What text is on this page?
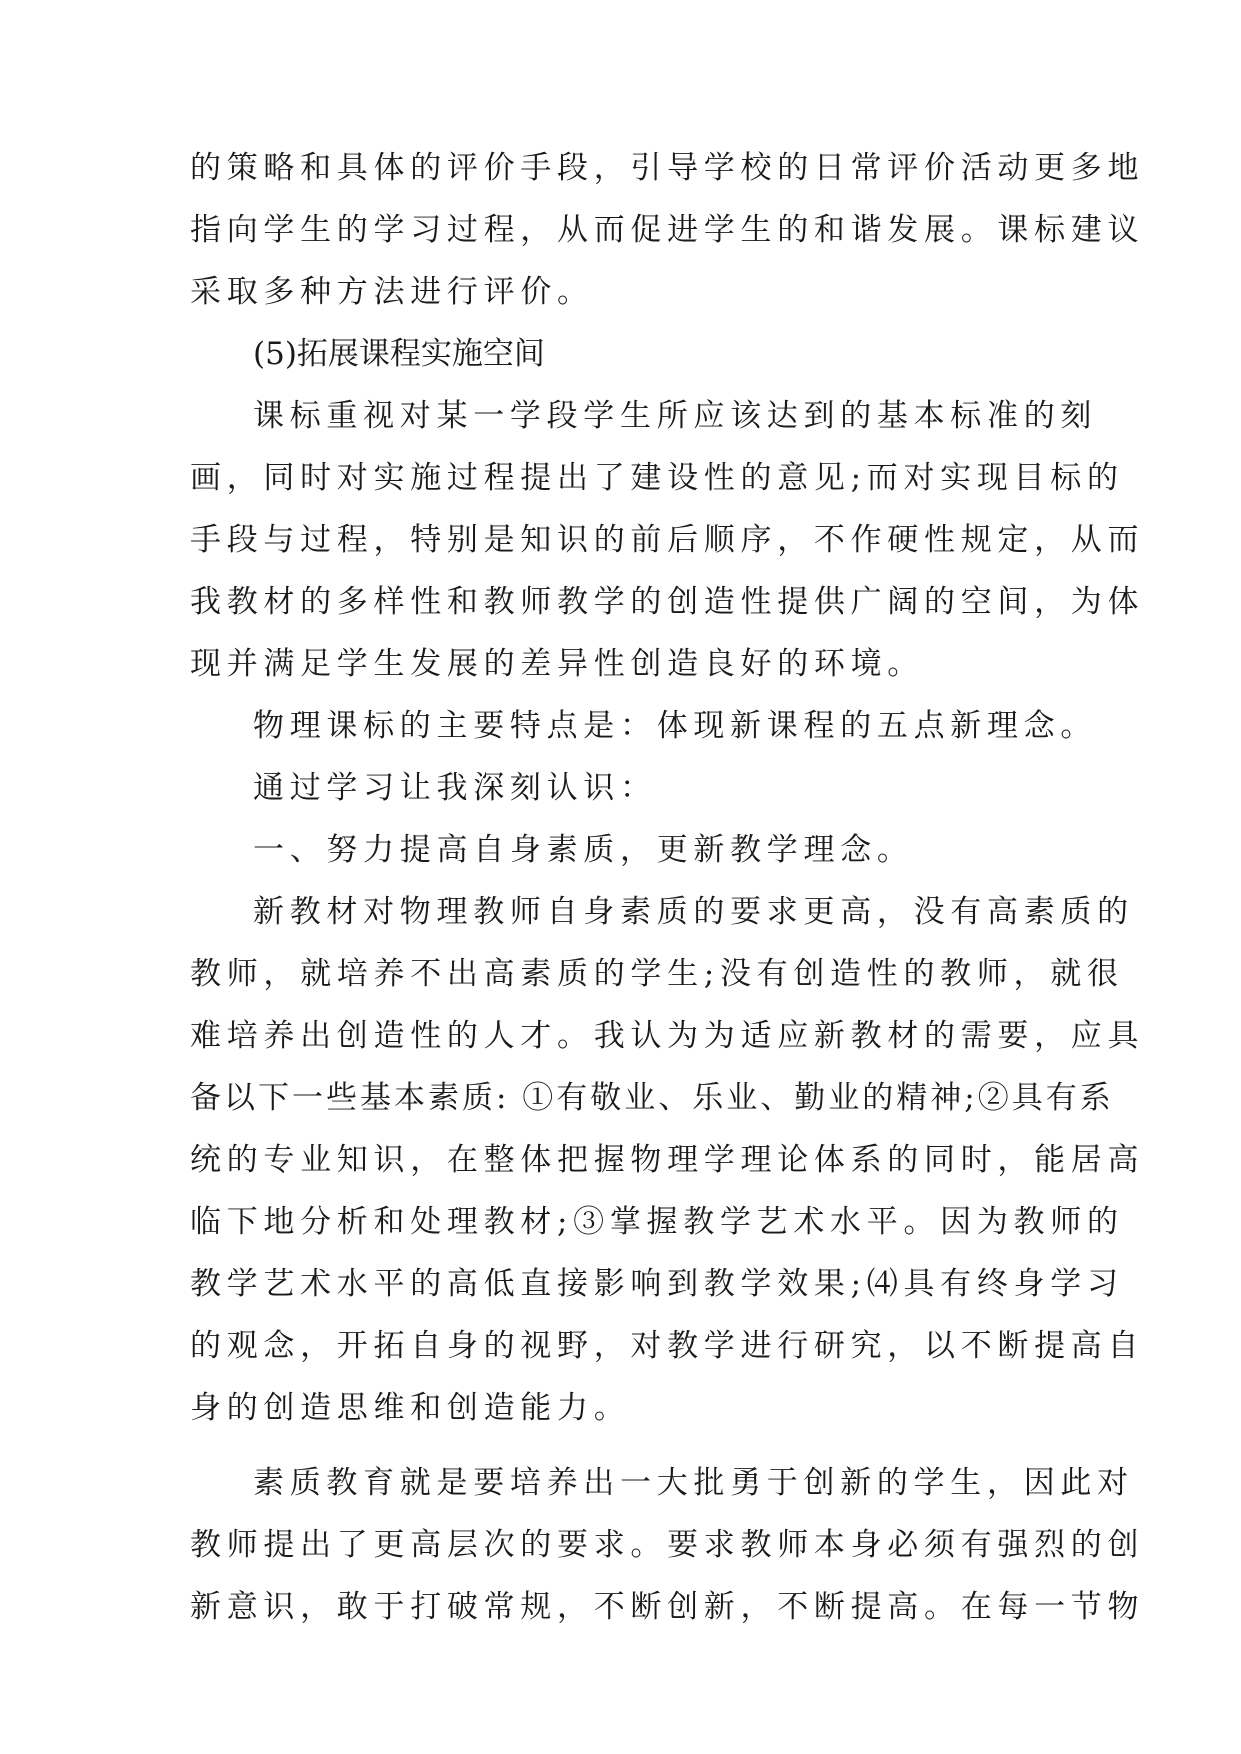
的策略和具体的评价手段，引导学校的日常评价活动更多地
指向学生的学习过程，从而促进学生的和谐发展。课标建议
采取多种方法进行评价。
(5)拓展课程实施空间
课标重视对某一学段学生所应该达到的基本标准的刻
画，同时对实施过程提出了建设性的意见;而对实现目标的
手段与过程，特别是知识的前后顺序，不作硬性规定，从而
我教材的多样性和教师教学的创造性提供广阔的空间，为体
现并满足学生发展的差异性创造良好的环境。
物理课标的主要特点是：体现新课程的五点新理念。
通过学习让我深刻认识：
一、努力提高自身素质，更新教学理念。
新教材对物理教师自身素质的要求更高，没有高素质的
教师，就培养不出高素质的学生;没有创造性的教师，就很
难培养出创造性的人才。我认为为适应新教材的需要，应具
备以下一些基本素质: ①有敬业、乐业、勤业的精神;②具有系
统的专业知识，在整体把握物理学理论体系的同时，能居高
临下地分析和处理教材;③掌握教学艺术水平。因为教师的
教学艺术水平的高低直接影响到教学效果;⑷具有终身学习
的观念，开拓自身的视野，对教学进行研究，以不断提高自
身的创造思维和创造能力。
素质教育就是要培养出一大批勇于创新的学生，因此对
教师提出了更高层次的要求。要求教师本身必须有强烈的创
新意识，敢于打破常规，不断创新，不断提高。在每一节物
